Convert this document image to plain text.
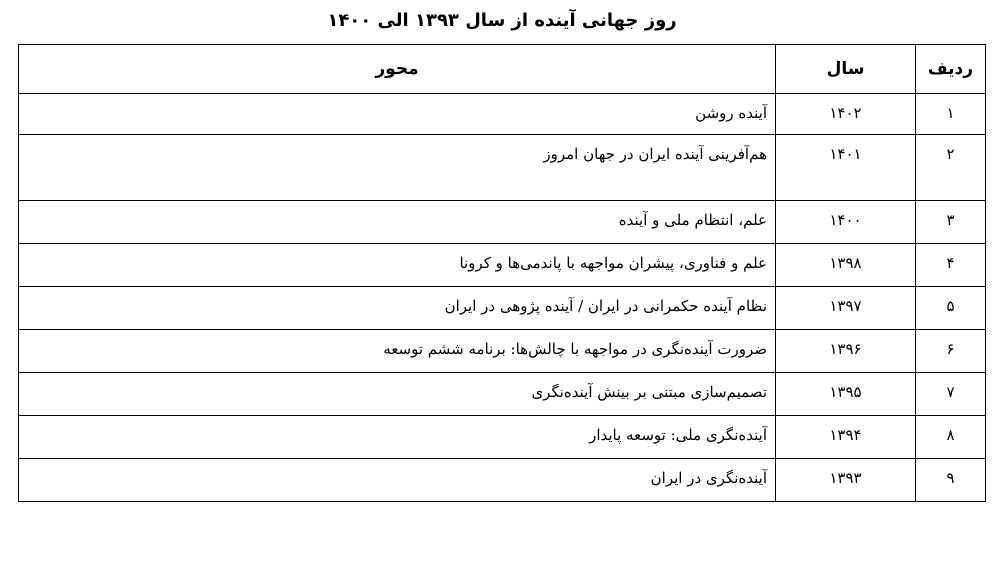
روز جهانی آینده از سال ۱۳۹۳ الی ۱۴۰۰
ردیف	سال	محور
۱	۱۴۰۲	آینده روشن
۲	۱۴۰۱	هم‌آفرینی آینده ایران در جهان امروز
۳	۱۴۰۰	علم، انتظام ملی و آینده
۴	۱۳۹۸	علم و فناوری، پیشران مواجهه با پاندمی‌ها و کرونا
۵	۱۳۹۷	نظام آینده حکمرانی در ایران / آینده پژوهی در ایران
۶	۱۳۹۶	ضرورت آینده‌نگری در مواجهه با چالش‌ها: برنامه ششم توسعه
۷	۱۳۹۵	تصمیم‌سازی مبتنی بر بینش آینده‌نگری
۸	۱۳۹۴	آینده‌نگری ملی: توسعه پایدار
۹	۱۳۹۳	آینده‌نگری در ایران
